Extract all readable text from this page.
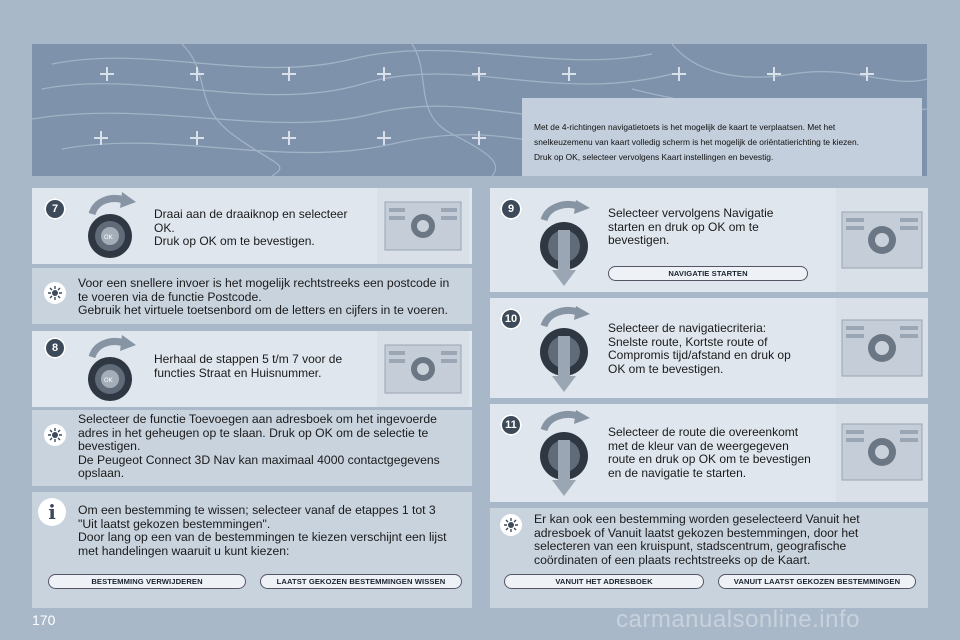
Met de 4-richtingen navigatietoets is het mogelijk de kaart te verplaatsen. Met het
snelkeuzemenu van kaart volledig scherm is het mogelijk de oriëntatierichting te kiezen.
Druk op OK, selecteer vervolgens Kaart instellingen en bevestig.
7
OK
Draai aan de draaiknop en selecteer
OK.
Druk op OK om te bevestigen.
Voor een snellere invoer is het mogelijk rechtstreeks een postcode in
te voeren via de functie Postcode.
Gebruik het virtuele toetsenbord om de letters en cijfers in te voeren.
8
OK
Herhaal de stappen 5 t/m 7 voor de
functies Straat en Huisnummer.
Selecteer de functie Toevoegen aan adresboek om het ingevoerde
adres in het geheugen op te slaan. Druk op OK om de selectie te
bevestigen.
De Peugeot Connect 3D Nav kan maximaal 4000 contactgegevens
opslaan.
i	Om een bestemming te wissen; selecteer vanaf de etappes 1 tot 3
"Uit laatst gekozen bestemmingen".
Door lang op een van de bestemmingen te kiezen verschijnt een lijst
met handelingen waaruit u kunt kiezen:
BESTEMMING VERWIJDEREN	LAATST GEKOZEN BESTEMMINGEN WISSEN
9	Selecteer vervolgens Navigatie
starten en druk op OK om te
bevestigen.
NAVIGATIE STARTEN
10
Selecteer de navigatiecriteria:
Snelste route, Kortste route of
Compromis tijd/afstand en druk op
OK om te bevestigen.
11	Selecteer de route die overeenkomt
met de kleur van de weergegeven
route en druk op OK om te bevestigen
en de navigatie te starten.
Er kan ook een bestemming worden geselecteerd Vanuit het
adresboek of Vanuit laatst gekozen bestemmingen, door het
selecteren van een kruispunt, stadscentrum, geografische
coördinaten of een plaats rechtstreeks op de Kaart.
VANUIT HET ADRESBOEK	VANUIT LAATST GEKOZEN BESTEMMINGEN
170	carmanualsonline.info
